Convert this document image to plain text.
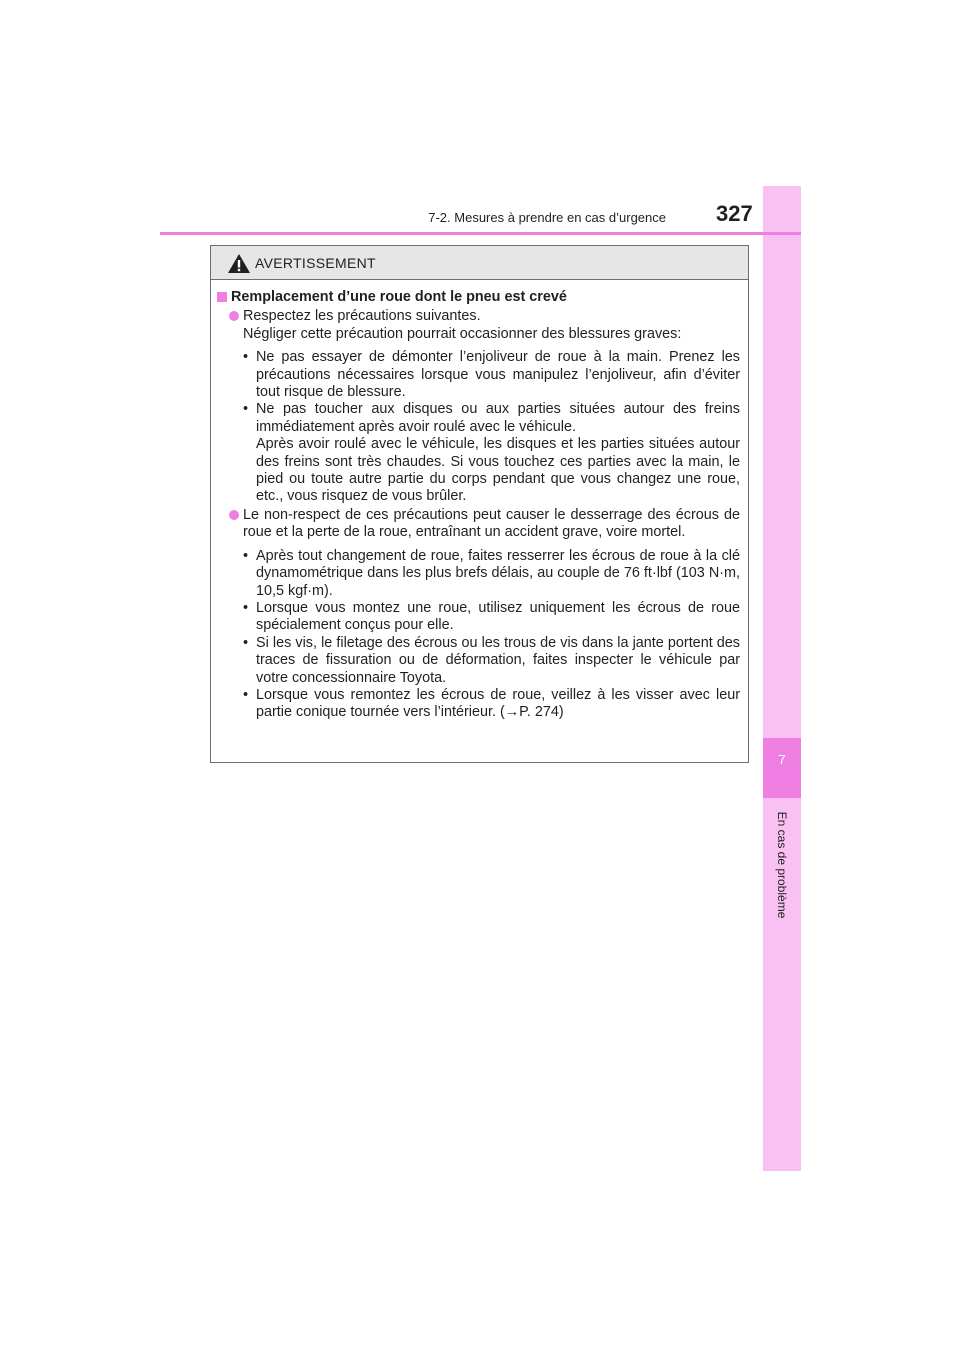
7
En cas de problème
7-2. Mesures à prendre en cas d’urgence 327
AVERTISSEMENT
Remplacement d’une roue dont le pneu est crevé
Respectez les précautions suivantes.
Négliger cette précaution pourrait occasionner des blessures graves:
• Ne pas essayer de démonter l’enjoliveur de roue à la main. Prenez les précautions nécessaires lorsque vous manipulez l’enjoliveur, afin d’éviter tout risque de blessure.
• Ne pas toucher aux disques ou aux parties situées autour des freins immédiatement après avoir roulé avec le véhicule.
Après avoir roulé avec le véhicule, les disques et les parties situées autour des freins sont très chaudes. Si vous touchez ces parties avec la main, le pied ou toute autre partie du corps pendant que vous changez une roue, etc., vous risquez de vous brûler.
Le non-respect de ces précautions peut causer le desserrage des écrous de roue et la perte de la roue, entraînant un accident grave, voire mortel.
• Après tout changement de roue, faites resserrer les écrous de roue à la clé dynamométrique dans les plus brefs délais, au couple de 76 ft·lbf (103 N·m, 10,5 kgf·m).
• Lorsque vous montez une roue, utilisez uniquement les écrous de roue spécialement conçus pour elle.
• Si les vis, le filetage des écrous ou les trous de vis dans la jante portent des traces de fissuration ou de déformation, faites inspecter le véhicule par votre concessionnaire Toyota.
• Lorsque vous remontez les écrous de roue, veillez à les visser avec leur partie conique tournée vers l’intérieur. (→P. 274)
